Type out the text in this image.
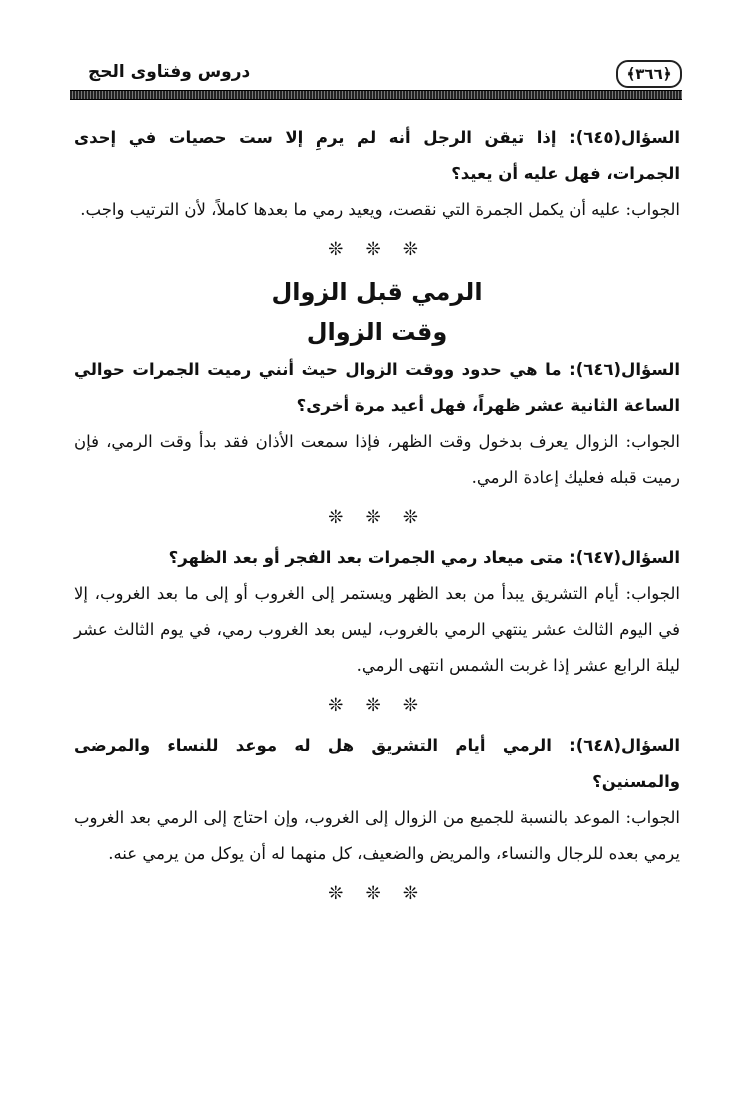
﴿٣٦٦﴾
دروس وفتاوى الحج

السؤال(٦٤٥): إذا تيقن الرجل أنه لم يرمِ إلا ست حصيات في إحدى الجمرات، فهل عليه أن يعيد؟

الجواب: عليه أن يكمل الجمرة التي نقصت، ويعيد رمي ما بعدها كاملاً، لأن الترتيب واجب.

❊ ❊ ❊
الرمي قبل الزوال
وقت الزوال

السؤال(٦٤٦): ما هي حدود ووقت الزوال حيث أنني رميت الجمرات حوالي الساعة الثانية عشر ظهراً، فهل أعيد مرة أخرى؟

الجواب: الزوال يعرف بدخول وقت الظهر، فإذا سمعت الأذان فقد بدأ وقت الرمي، فإن رميت قبله فعليك إعادة الرمي.

❊ ❊ ❊

السؤال(٦٤٧): متى ميعاد رمي الجمرات بعد الفجر أو بعد الظهر؟

الجواب: أيام التشريق يبدأ من بعد الظهر ويستمر إلى الغروب أو إلى ما بعد الغروب، إلا في اليوم الثالث عشر ينتهي الرمي بالغروب، ليس بعد الغروب رمي، في يوم الثالث عشر ليلة الرابع عشر إذا غربت الشمس انتهى الرمي.

❊ ❊ ❊

السؤال(٦٤٨): الرمي أيام التشريق هل له موعد للنساء والمرضى والمسنين؟

الجواب: الموعد بالنسبة للجميع من الزوال إلى الغروب، وإن احتاج إلى الرمي بعد الغروب يرمي بعده للرجال والنساء، والمريض والضعيف، كل منهما له أن يوكل من يرمي عنه.

❊ ❊ ❊
